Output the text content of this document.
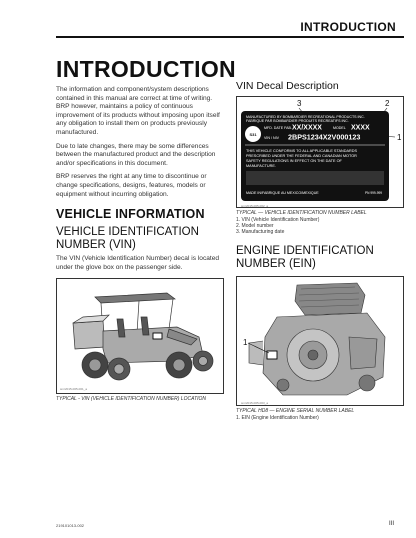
INTRODUCTION
INTRODUCTION

The information and component/system descriptions contained in this manual are correct at time of writing. BRP however, maintains a policy of continuous improvement of its products without imposing upon itself any obligation to install them on products previously manufactured.

Due to late changes, there may be some differences between the manufactured product and the description and/or specifications in this document.

BRP reserves the right at any time to discontinue or change specifications, designs, features, models or equipment without incurring obligation.

VEHICLE INFORMATION
VEHICLE IDENTIFICATION NUMBER (VIN)

The VIN (Vehicle Identification Number) decal is located under the glove box on the passenger side.

smr2015-005-001_a
TYPICAL - VIN (VEHICLE IDENTIFICATION NUMBER) LOCATION
VIN Decal Description
3	2
1
MANUFACTURED BY BOMBARDIER RECREATIONAL PRODUCTS INC.
FABRIQUE PAR BOMBARDIER PRODUITS RECREATIFS INC.
S31
MFD. DATE FAB. XX/XXXX	MODEL XXXX
VIN / NIV 2BPS1234X2V000123
THIS VEHICLE CONFORMS TO ALL APPLICABLE STANDARDS
PRESCRIBED UNDER THE FEDERAL AND CANADIAN MOTOR
SAFETY REGULATIONS IN EFFECT ON THE DATE OF
MANUFACTURE.
MADE IN/FABRIQUE AU MEXICO/MEXIQUE	PN 999-999
smr2015-005-002_a
TYPICAL — VEHICLE IDENTIFICATION NUMBER LABEL
1. VIN (Vehicle Identification Number)
2. Model number
3. Manufacturing date
ENGINE IDENTIFICATION NUMBER (EIN)
1
smr2015-005-003_a
TYPICAL HD8 — ENGINE SERIAL NUMBER LABEL
1. EIN (Engine Identification Number)
219101013-002	III
